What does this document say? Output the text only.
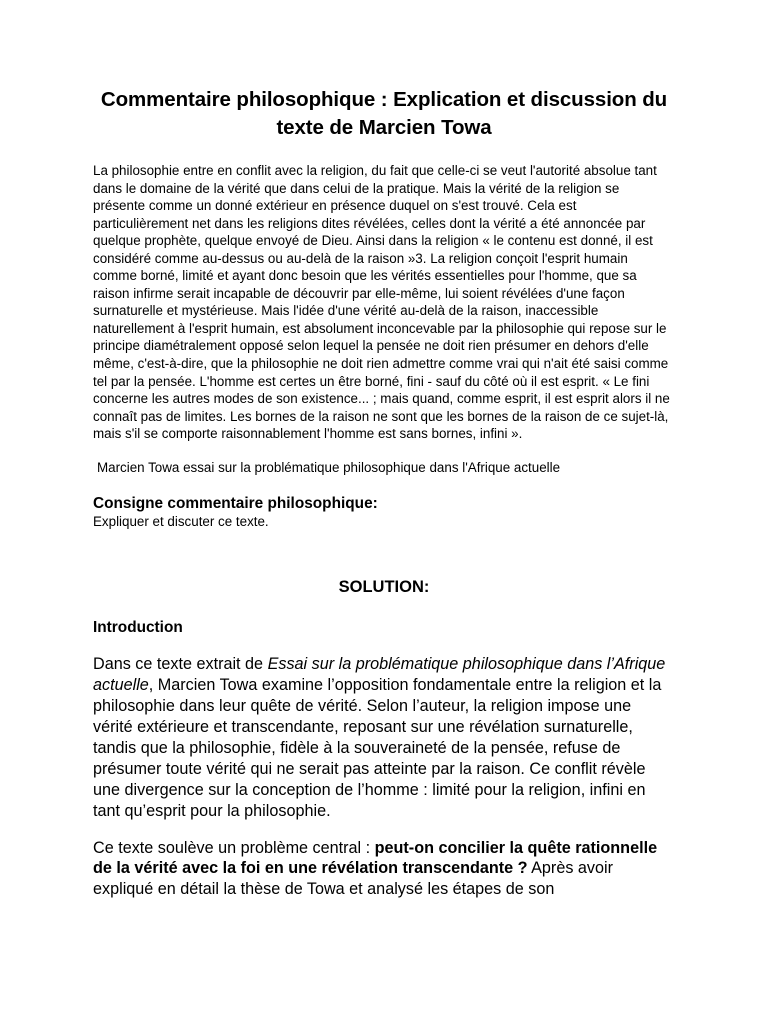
Commentaire philosophique : Explication et discussion du texte de Marcien Towa

La philosophie entre en conflit avec la religion, du fait que celle-ci se veut l'autorité absolue tant dans le domaine de la vérité que dans celui de la pratique. Mais la vérité de la religion se présente comme un donné extérieur en présence duquel on s'est trouvé. Cela est particulièrement net dans les religions dites révélées, celles dont la vérité a été annoncée par quelque prophète, quelque envoyé de Dieu. Ainsi dans la religion « le contenu est donné, il est considéré comme au-dessus ou au-delà de la raison »3. La religion conçoit l'esprit humain comme borné, limité et ayant donc besoin que les vérités essentielles pour l'homme, que sa raison infirme serait incapable de découvrir par elle-même, lui soient révélées d'une façon surnaturelle et mystérieuse. Mais l'idée d'une vérité au-delà de la raison, inaccessible naturellement à l'esprit humain, est absolument inconcevable par la philosophie qui repose sur le principe diamétralement opposé selon lequel la pensée ne doit rien présumer en dehors d'elle même, c'est-à-dire, que la philosophie ne doit rien admettre comme vrai qui n'ait été saisi comme tel par la pensée. L'homme est certes un être borné, fini - sauf du côté où il est esprit. « Le fini concerne les autres modes de son existence... ; mais quand, comme esprit, il est esprit alors il ne connaît pas de limites. Les bornes de la raison ne sont que les bornes de la raison de ce sujet-là, mais s'il se comporte raisonnablement l'homme est sans bornes, infini ».

Marcien Towa essai sur la problématique philosophique dans l'Afrique actuelle

Consigne commentaire philosophique:

Expliquer et discuter ce texte.

SOLUTION:
Introduction

Dans ce texte extrait de Essai sur la problématique philosophique dans l’Afrique actuelle, Marcien Towa examine l’opposition fondamentale entre la religion et la philosophie dans leur quête de vérité. Selon l’auteur, la religion impose une vérité extérieure et transcendante, reposant sur une révélation surnaturelle, tandis que la philosophie, fidèle à la souveraineté de la pensée, refuse de présumer toute vérité qui ne serait pas atteinte par la raison. Ce conflit révèle une divergence sur la conception de l’homme : limité pour la religion, infini en tant qu’esprit pour la philosophie.

Ce texte soulève un problème central : peut-on concilier la quête rationnelle de la vérité avec la foi en une révélation transcendante ? Après avoir expliqué en détail la thèse de Towa et analysé les étapes de son
